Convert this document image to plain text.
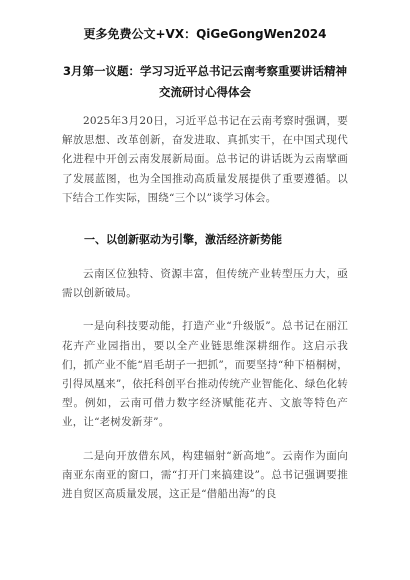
更多免费公文+VX：QiGeGongWen2024
3月第一议题：学习习近平总书记云南考察重要讲话精神交流研讨心得体会

2025年3月20日，习近平总书记在云南考察时强调，要解放思想、改革创新，奋发进取、真抓实干，在中国式现代化进程中开创云南发展新局面。总书记的讲话既为云南擘画了发展蓝图，也为全国推动高质量发展提供了重要遵循。以下结合工作实际，围绕“三个以”谈学习体会。

一、以创新驱动为引擎，激活经济新势能

云南区位独特、资源丰富，但传统产业转型压力大，亟需以创新破局。

一是向科技要动能，打造产业“升级版”。总书记在丽江花卉产业园指出，要以全产业链思维深耕细作。这启示我们，抓产业不能“眉毛胡子一把抓”，而要坚持“种下梧桐树，引得凤凰来”，依托科创平台推动传统产业智能化、绿色化转型。例如，云南可借力数字经济赋能花卉、文旅等特色产业，让“老树发新芽”。

二是向开放借东风，构建辐射“新高地”。云南作为面向南亚东南亚的窗口，需“打开门来搞建设”。总书记强调要推进自贸区高质量发展，这正是“借船出海”的良
